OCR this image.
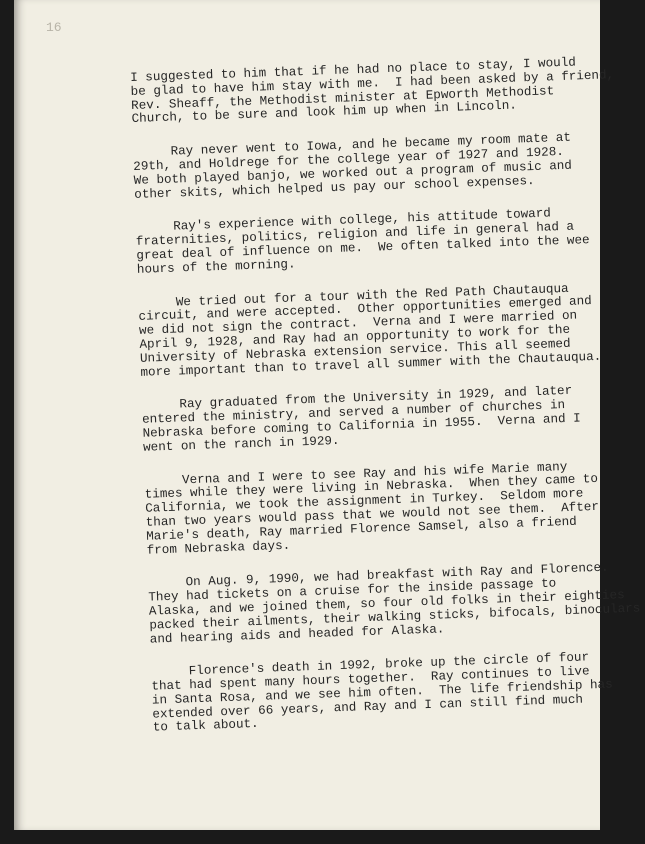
16

I suggested to him that if he had no place to stay, I would
be glad to have him stay with me.  I had been asked by a friend,
Rev. Sheaff, the Methodist minister at Epworth Methodist
Church, to be sure and look him up when in Lincoln.

Ray never went to Iowa, and he became my room mate at
29th, and Holdrege for the college year of 1927 and 1928.
We both played banjo, we worked out a program of music and
other skits, which helped us pay our school expenses.

Ray's experience with college, his attitude toward
fraternities, politics, religion and life in general had a
great deal of influence on me.  We often talked into the wee
hours of the morning.

We tried out for a tour with the Red Path Chautauqua
circuit, and were accepted.  Other opportunities emerged and
we did not sign the contract.  Verna and I were married on
April 9, 1928, and Ray had an opportunity to work for the
University of Nebraska extension service. This all seemed
more important than to travel all summer with the Chautauqua.

Ray graduated from the University in 1929, and later
entered the ministry, and served a number of churches in
Nebraska before coming to California in 1955.  Verna and I
went on the ranch in 1929.

Verna and I were to see Ray and his wife Marie many
times while they were living in Nebraska.  When they came to
California, we took the assignment in Turkey.  Seldom more
than two years would pass that we would not see them.  After
Marie's death, Ray married Florence Samsel, also a friend
from Nebraska days.

On Aug. 9, 1990, we had breakfast with Ray and Florence.
They had tickets on a cruise for the inside passage to
Alaska, and we joined them, so four old folks in their eighties
packed their ailments, their walking sticks, bifocals, binoculars
and hearing aids and headed for Alaska.

Florence's death in 1992, broke up the circle of four
that had spent many hours together.  Ray continues to live
in Santa Rosa, and we see him often.  The life friendship has
extended over 66 years, and Ray and I can still find much
to talk about.
